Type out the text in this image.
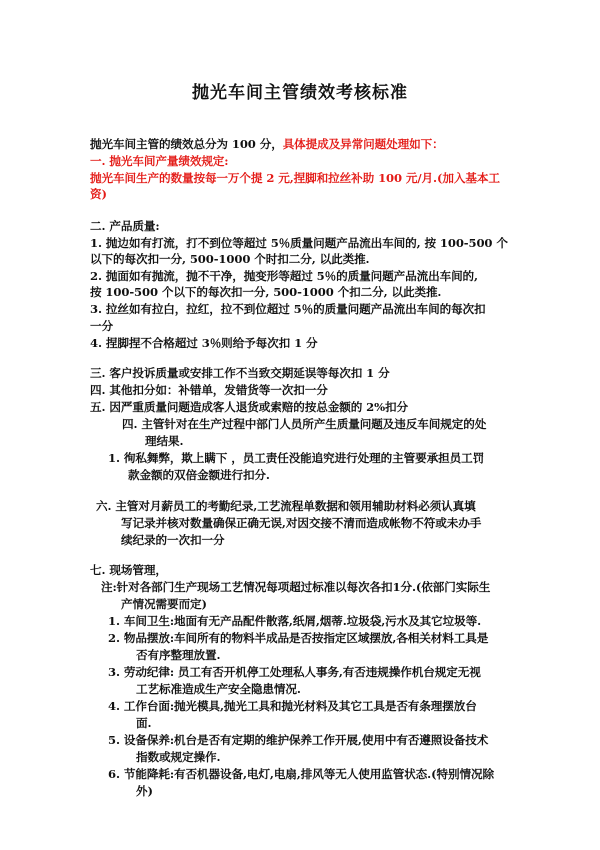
抛光车间主管绩效考核标准
抛光车间主管的绩效总分为 100 分，具体提成及异常问题处理如下：
一. 抛光车间产量绩效规定:
抛光车间生产的数量按每一万个提 2 元,捏脚和拉丝补助 100 元/月.(加入基本工
资)
二. 产品质量:
1. 抛边如有打流，打不到位等超过 5％质量问题产品流出车间的, 按 100-500 个
以下的每次扣一分, 500-1000 个时扣二分, 以此类推.
2. 抛面如有抛流，抛不干净，抛变形等超过 5％的质量问题产品流出车间的,
按 100-500 个以下的每次扣一分, 500-1000 个扣二分, 以此类推.
3. 拉丝如有拉白，拉红，拉不到位超过 5％的质量问题产品流出车间的每次扣
一分
4. 捏脚捏不合格超过 3％则给予每次扣 1 分
三. 客户投诉质量或安排工作不当致交期延误等每次扣 1 分
四. 其他扣分如：补错单，发错货等一次扣一分
五. 因严重质量问题造成客人退货或索赔的按总金额的 2%扣分
四. 主管针对在生产过程中部门人员所产生质量问题及违反车间规定的处
理结果.
1. 徇私舞弊，欺上瞒下 ，员工责任没能追究进行处理的主管要承担员工罚
款金额的双倍金额进行扣分.
六. 主管对月薪员工的考勤纪录,工艺流程单数据和领用辅助材料必须认真填
写记录并核对数量确保正确无误,对因交接不清而造成帐物不符或未办手
续纪录的一次扣一分
七. 现场管理，
注:针对各部门生产现场工艺情况每项超过标准以每次各扣1分.(依部门实际生
产情况需要而定)
1. 车间卫生:地面有无产品配件散落,纸屑,烟蒂.垃圾袋,污水及其它垃圾等.
2. 物品摆放:车间所有的物料半成品是否按指定区域摆放,各相关材料工具是
否有序整理放置.
3. 劳动纪律: 员工有否开机停工处理私人事务,有否违规操作机台规定无视
工艺标准造成生产安全隐患情况.
4. 工作台面:抛光模具,抛光工具和抛光材料及其它工具是否有条理摆放台
面.
5. 设备保养:机台是否有定期的维护保养工作开展,使用中有否遵照设备技术
指数或规定操作.
6. 节能降耗:有否机器设备,电灯,电扇,排风等无人使用监管状态.(特别情况除
外)
